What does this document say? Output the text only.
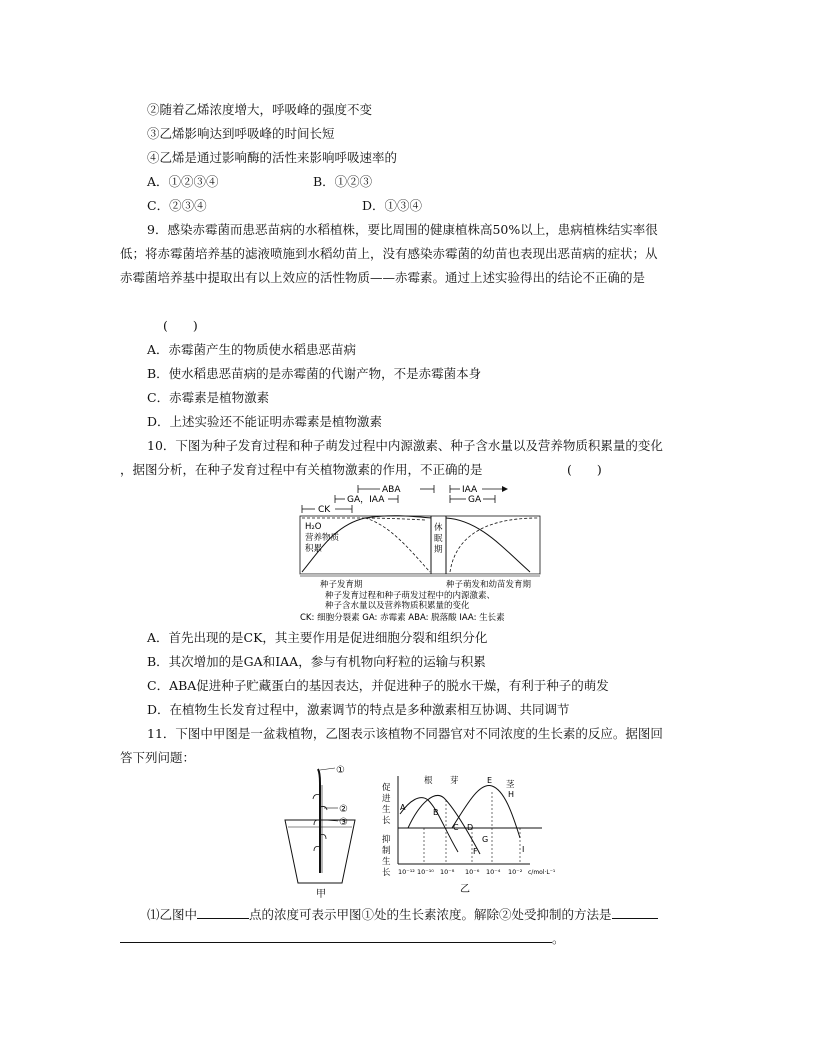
②随着乙烯浓度增大，呼吸峰的强度不变
③乙烯影响达到呼吸峰的时间长短
④乙烯是通过影响酶的活性来影响呼吸速率的
A．①②③④	B．①②③
C．②③④	D．①③④
9．感染赤霉菌而患恶苗病的水稻植株，要比周围的健康植株高50%以上，患病植株结实率很
低；将赤霉菌培养基的滤液喷施到水稻幼苗上，没有感染赤霉菌的幼苗也表现出恶苗病的症状；从
赤霉菌培养基中提取出有以上效应的活性物质——赤霉素。通过上述实验得出的结论不正确的是
(　　)
A．赤霉菌产生的物质使水稻患恶苗病
B．使水稻患恶苗病的是赤霉菌的代谢产物，不是赤霉菌本身
C．赤霉素是植物激素
D．上述实验还不能证明赤霉素是植物激素
10．下图为种子发育过程和种子萌发过程中内源激素、种子含水量以及营养物质积累量的变化
，据图分析，在种子发育过程中有关植物激素的作用，不正确的是	(　　)
ABA	IAA
GA，IAA	GA
CK
H₂O
营养物质
积累
休
眠
期
种子发育期	种子萌发和幼苗发育期
种子发育过程和种子萌发过程中的内源激素、
种子含水量以及营养物质积累量的变化
CK: 细胞分裂素 GA: 赤霉素 ABA: 脱落酸 IAA: 生长素
A．首先出现的是CK，其主要作用是促进细胞分裂和组织分化
B．其次增加的是GA和IAA，参与有机物向籽粒的运输与积累
C．ABA促进种子贮藏蛋白的基因表达，并促进种子的脱水干燥，有利于种子的萌发
D．在植物生长发育过程中，激素调节的特点是多种激素相互协调、共同调节
11．下图中甲图是一盆栽植物，乙图表示该植物不同器官对不同浓度的生长素的反应。据图回
答下列问题：
①
②
③
甲
促
进
生
长
抑
制
生
长
根 芽	茎
A
B
C D
E
F
G
H
I
10⁻¹² 10⁻¹⁰ 10⁻⁸ 10⁻⁶ 10⁻⁴ 10⁻² c/mol·L⁻¹
乙
⑴乙图中	点的浓度可表示甲图①处的生长素浓度。解除②处受抑制的方法是
。
